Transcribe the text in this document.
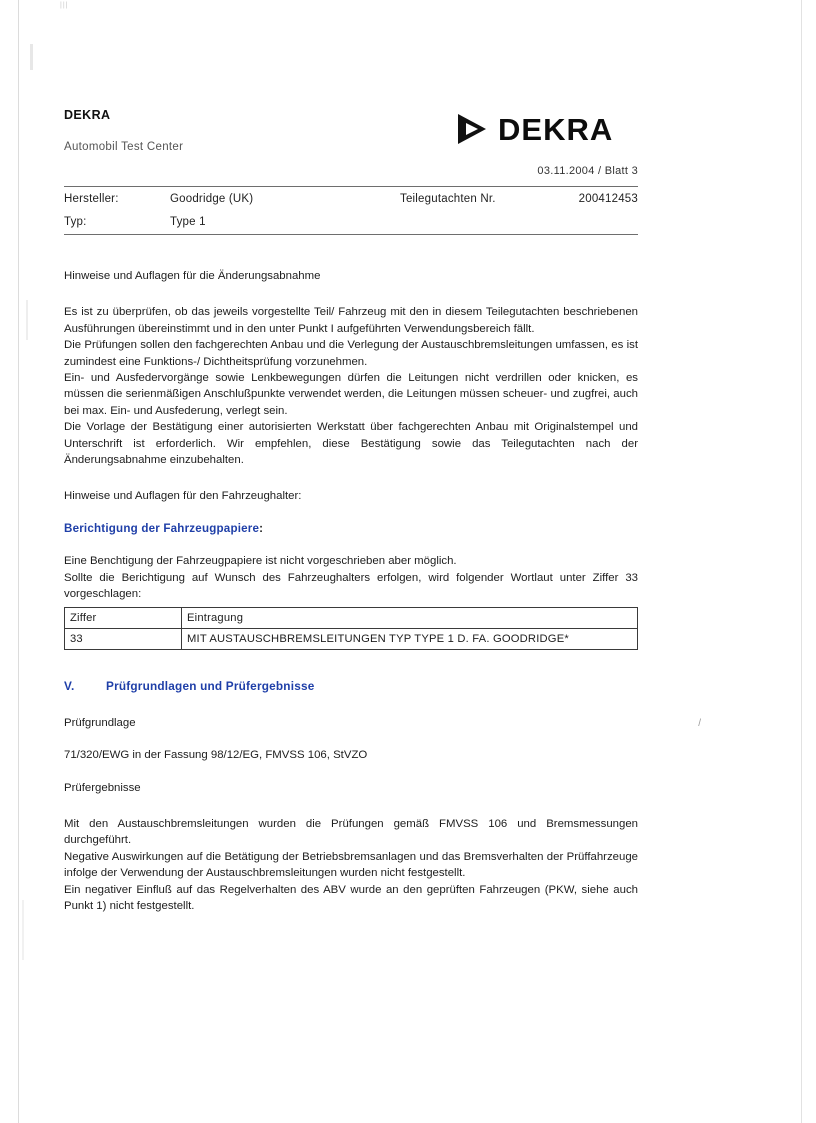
|||
DEKRA
Automobil Test Center
DEKRA
03.11.2004 / Blatt 3
Hersteller:	Goodridge (UK)	Teilegutachten Nr.	200412453
Typ:	Type 1
Hinweise und Auflagen für die Änderungsabnahme
Es ist zu überprüfen, ob das jeweils vorgestellte Teil/ Fahrzeug mit den in diesem Teilegutachten beschriebenen Ausführungen übereinstimmt und in den unter Punkt I aufgeführten Verwendungsbereich fällt.
Die Prüfungen sollen den fachgerechten Anbau und die Verlegung der Austauschbremsleitungen umfassen, es ist zumindest eine Funktions-/ Dichtheitsprüfung vorzunehmen.
Ein- und Ausfedervorgänge sowie Lenkbewegungen dürfen die Leitungen nicht verdrillen oder knicken, es müssen die serienmäßigen Anschlußpunkte verwendet werden, die Leitungen müssen scheuer- und zugfrei, auch bei max. Ein- und Ausfederung, verlegt sein.
Die Vorlage der Bestätigung einer autorisierten Werkstatt über fachgerechten Anbau mit Originalstempel und Unterschrift ist erforderlich. Wir empfehlen, diese Bestätigung sowie das Teilegutachten nach der Änderungsabnahme einzubehalten.
Hinweise und Auflagen für den Fahrzeughalter:
Berichtigung der Fahrzeugpapiere:
Eine Benchtigung der Fahrzeugpapiere ist nicht vorgeschrieben aber möglich.
Sollte die Berichtigung auf Wunsch des Fahrzeughalters erfolgen, wird folgender Wortlaut unter Ziffer 33 vorgeschlagen:
Ziffer	Eintragung
33	MIT AUSTAUSCHBREMSLEITUNGEN TYP TYPE 1 D. FA. GOODRIDGE*
V.	Prüfgrundlagen und Prüfergebnisse
Prüfgrundlage
71/320/EWG in der Fassung 98/12/EG, FMVSS 106, StVZO
Prüfergebnisse
Mit den Austauschbremsleitungen wurden die Prüfungen gemäß FMVSS 106 und Bremsmessungen durchgeführt.
Negative Auswirkungen auf die Betätigung der Betriebsbremsanlagen und das Bremsverhalten der Prüffahrzeuge infolge der Verwendung der Austauschbremsleitungen wurden nicht festgestellt.
Ein negativer Einfluß auf das Regelverhalten des ABV wurde an den geprüften Fahrzeugen (PKW, siehe auch Punkt 1) nicht festgestellt.
/
